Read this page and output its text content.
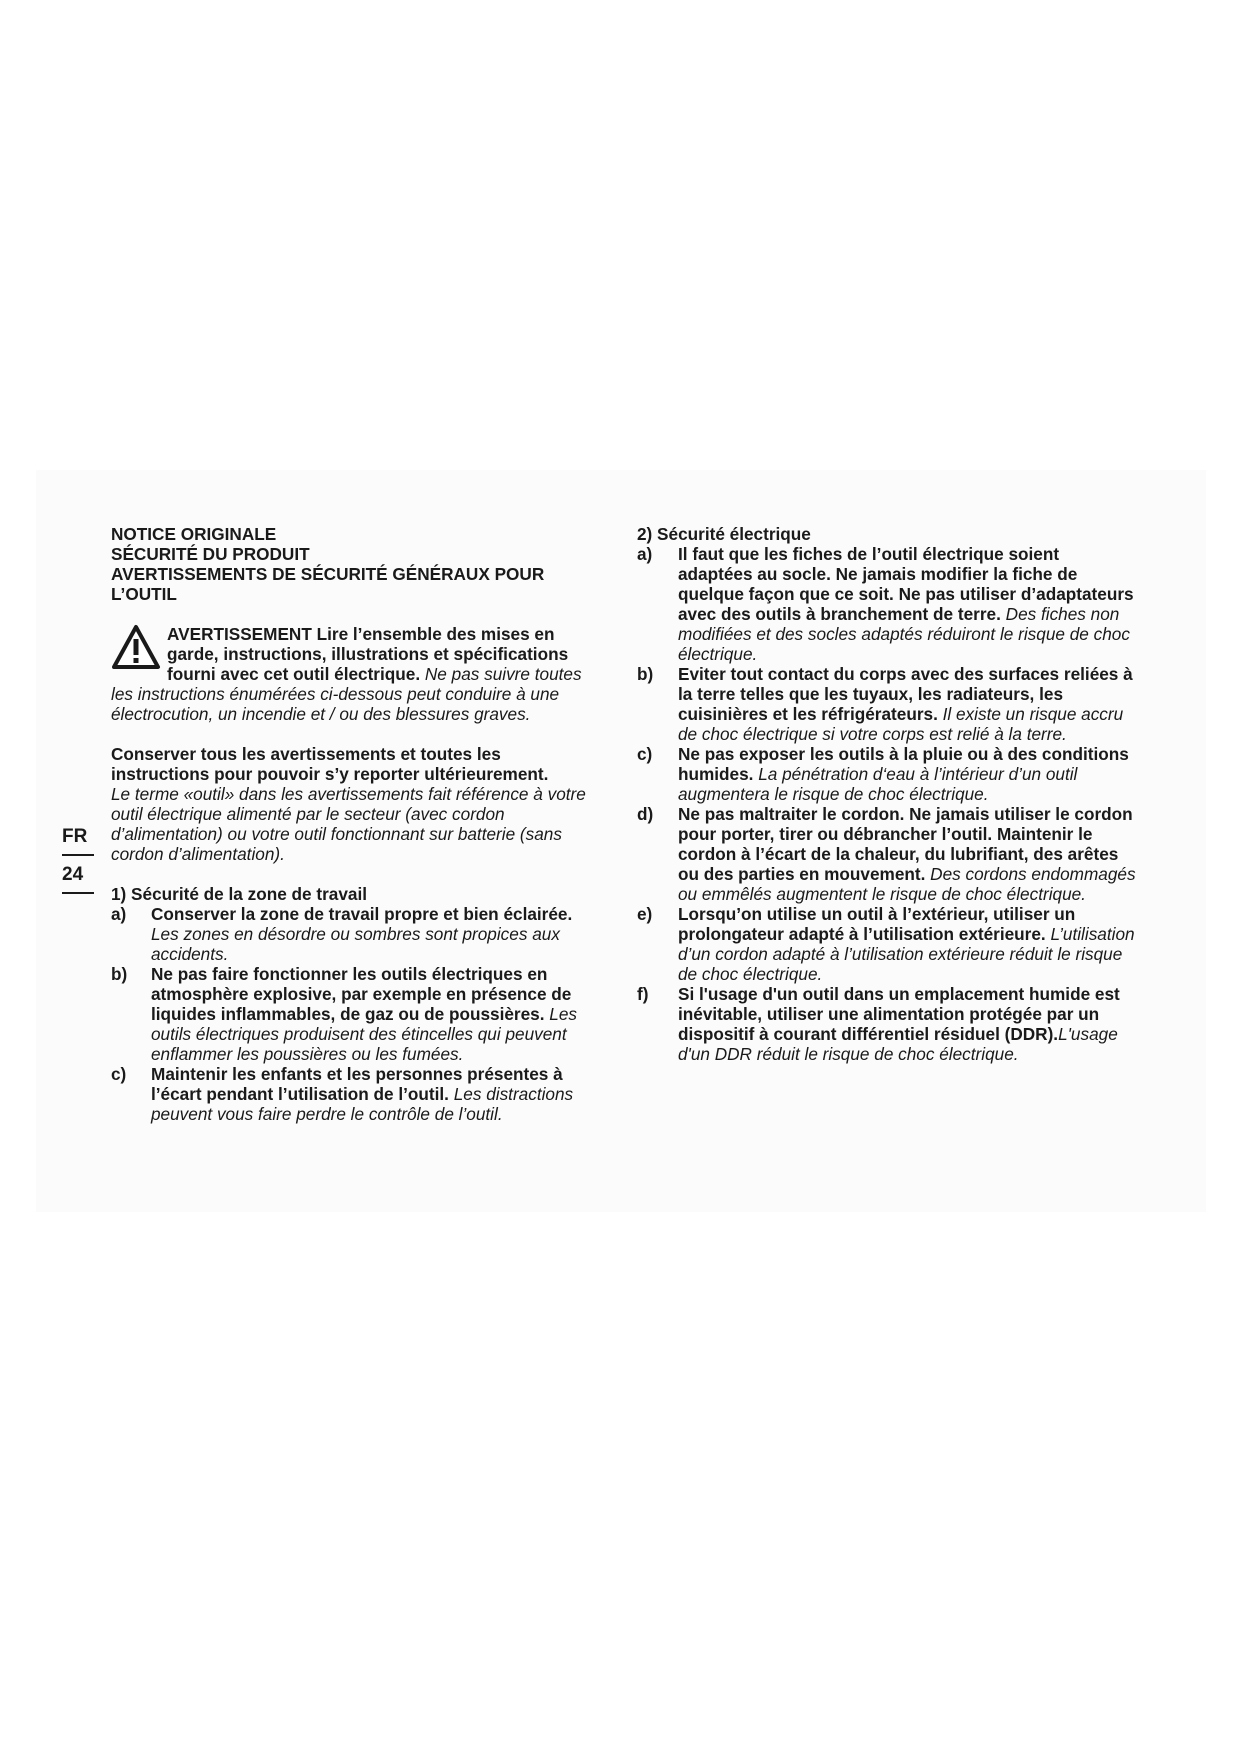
FR
24

NOTICE ORIGINALE

SÉCURITÉ DU PRODUIT

AVERTISSEMENTS DE SÉCURITÉ GÉNÉRAUX POUR L’OUTIL

AVERTISSEMENT Lire l’ensemble des mises en garde, instructions, illustrations et spécifications fourni avec cet outil électrique. Ne pas suivre toutes les instructions énumérées ci-dessous peut conduire à une électrocution, un incendie et / ou des blessures graves.

Conserver tous les avertissements et toutes les instructions pour pouvoir s’y reporter ultérieurement.

Le terme «outil» dans les avertissements fait référence à votre outil électrique alimenté par le secteur (avec cordon d’alimentation) ou votre outil fonctionnant sur batterie (sans cordon d’alimentation).

1) Sécurité de la zone de travail

a)	Conserver la zone de travail propre et bien éclairée. Les zones en désordre ou sombres sont propices aux accidents.
b)	Ne pas faire fonctionner les outils électriques en atmosphère explosive, par exemple en présence de liquides inflammables, de gaz ou de poussières. Les outils électriques produisent des étincelles qui peuvent enflammer les poussières ou les fumées.
c)	Maintenir les enfants et les personnes présentes à l’écart pendant l’utilisation de l’outil. Les distractions peuvent vous faire perdre le contrôle de l’outil.

2) Sécurité électrique

a)	Il faut que les fiches de l’outil électrique soient adaptées au socle. Ne jamais modifier la fiche de quelque façon que ce soit. Ne pas utiliser d’adaptateurs avec des outils à branchement de terre. Des fiches non modifiées et des socles adaptés réduiront le risque de choc électrique.
b)	Eviter tout contact du corps avec des surfaces reliées à la terre telles que les tuyaux, les radiateurs, les cuisinières et les réfrigérateurs. Il existe un risque accru de choc électrique si votre corps est relié à la terre.
c)	Ne pas exposer les outils à la pluie ou à des conditions humides. La pénétration d‘eau à l’intérieur d’un outil augmentera le risque de choc électrique.
d)	Ne pas maltraiter le cordon. Ne jamais utiliser le cordon pour porter, tirer ou débrancher l’outil. Maintenir le cordon à l’écart de la chaleur, du lubrifiant, des arêtes ou des parties en mouvement. Des cordons endommagés ou emmêlés augmentent le risque de choc électrique.
e)	Lorsqu’on utilise un outil à l’extérieur, utiliser un prolongateur adapté à l’utilisation extérieure. L’utilisation d’un cordon adapté à l’utilisation extérieure réduit le risque de choc électrique.
f)	Si l'usage d'un outil dans un emplacement humide est inévitable, utiliser une alimentation protégée par un dispositif à courant différentiel résiduel (DDR).L'usage d'un DDR réduit le risque de choc électrique.
